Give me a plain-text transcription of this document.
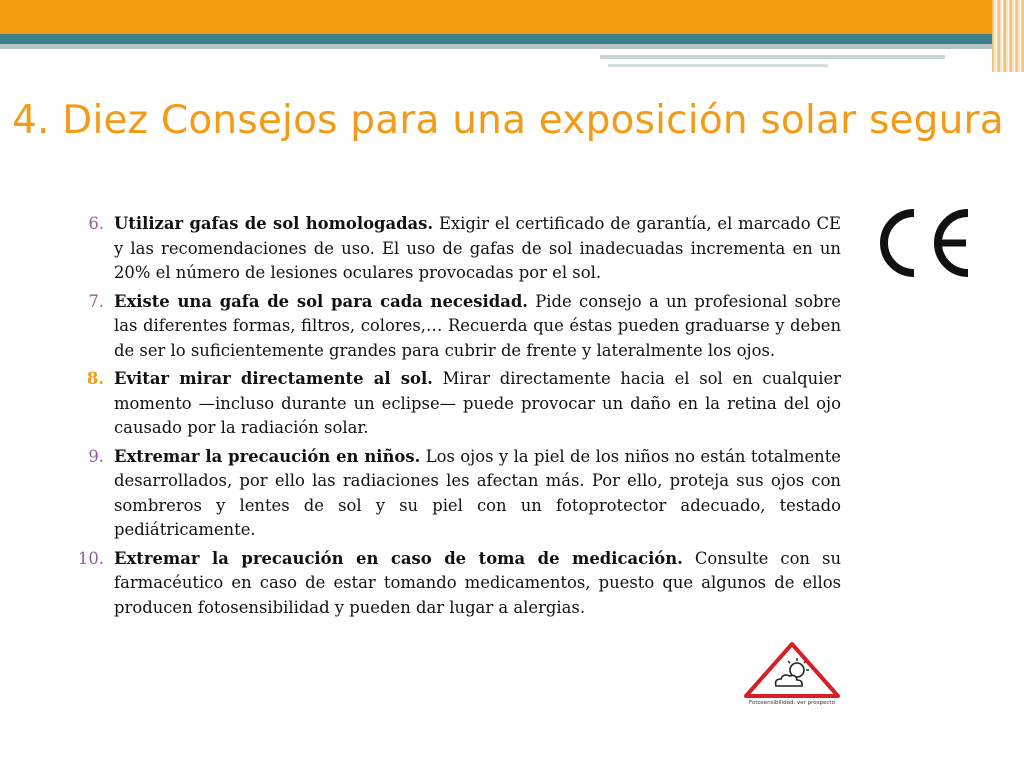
4. Diez Consejos para una exposición solar segura
6. Utilizar gafas de sol homologadas. Exigir el certificado de garantía, el marcado CE y las recomendaciones de uso. El uso de gafas de sol inadecuadas incrementa en un 20% el número de lesiones oculares provocadas por el sol.
7. Existe una gafa de sol para cada necesidad. Pide consejo a un profesional sobre las diferentes formas, filtros, colores,… Recuerda que éstas pueden graduarse y deben de ser lo suficientemente grandes para cubrir de frente y lateralmente los ojos.
8. Evitar mirar directamente al sol. Mirar directamente hacia el sol en cualquier momento —incluso durante un eclipse— puede provocar un daño en la retina del ojo causado por la radiación solar.
9. Extremar la precaución en niños. Los ojos y la piel de los niños no están totalmente desarrollados, por ello las radiaciones les afectan más. Por ello, proteja sus ojos con sombreros y lentes de sol y su piel con un fotoprotector adecuado, testado pediátricamente.
10. Extremar la precaución en caso de toma de medicación. Consulte con su farmacéutico en caso de estar tomando medicamentos, puesto que algunos de ellos producen fotosensibilidad y pueden dar lugar a alergias.
Fotosensibilidad: ver prospecto
